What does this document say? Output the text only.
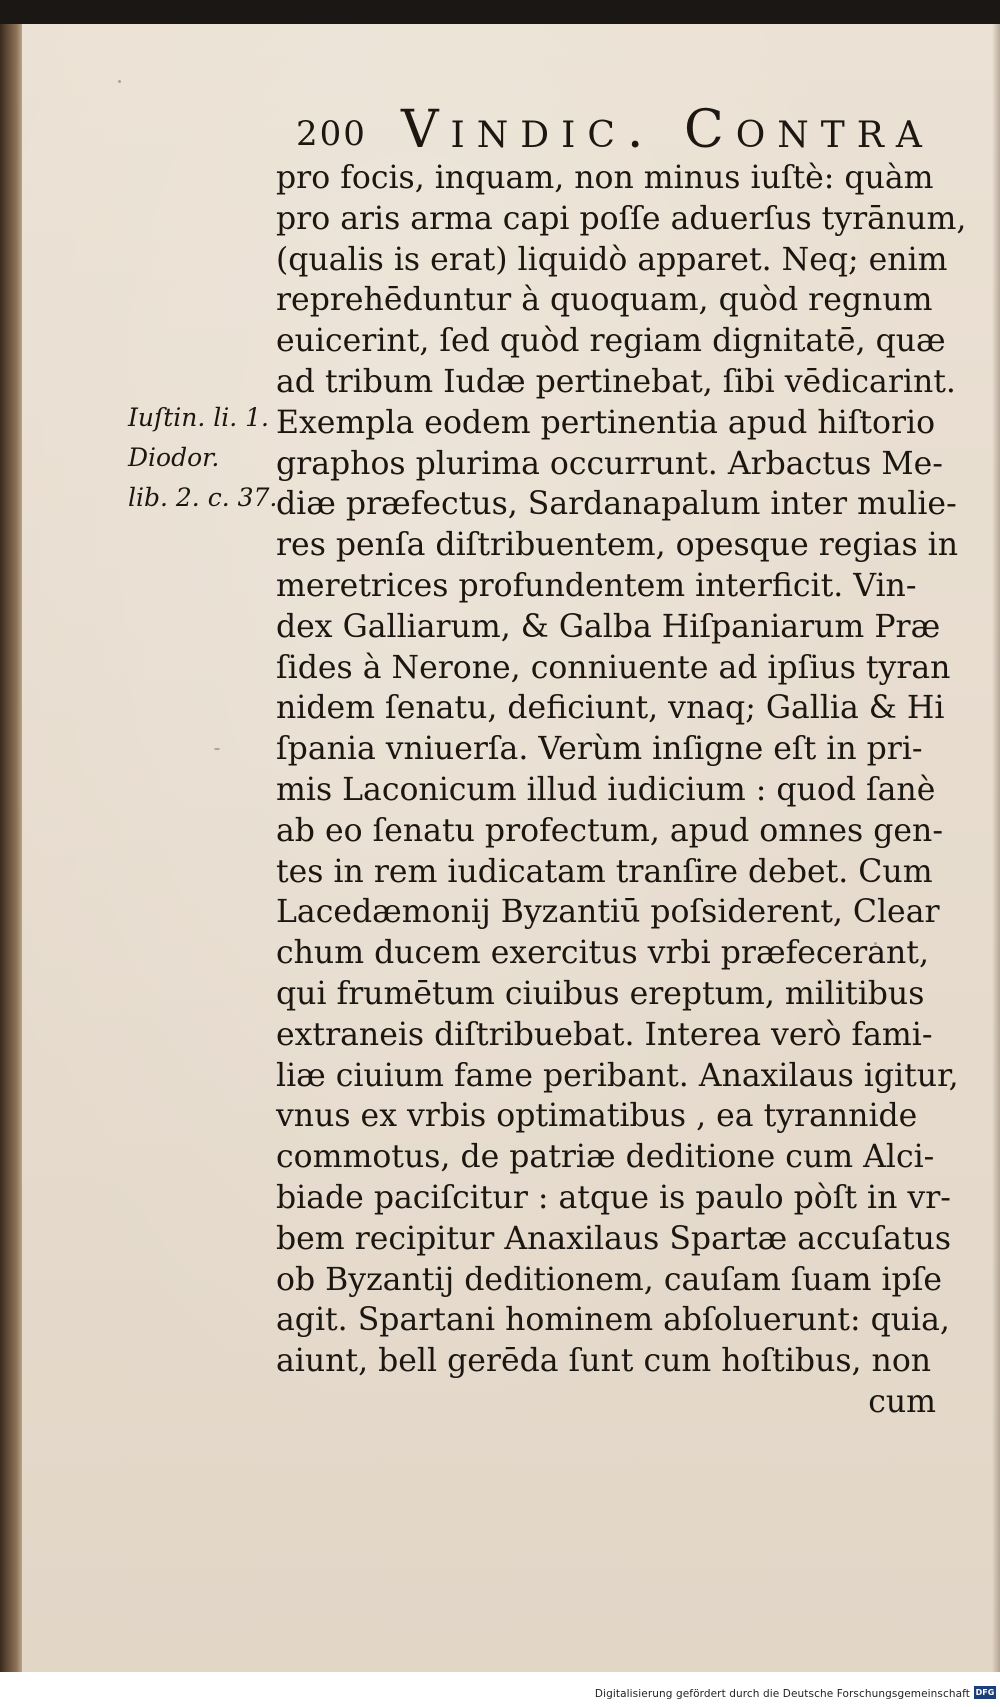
200 Vindic. Contra
Iuſtin. li. 1.
Diodor.
lib. 2. c. 37.
pro focis, inquam, non minus iuſtè: quàm
pro aris arma capi poſſe aduerſus tyrānum,
(qualis is erat) liquidò apparet. Neq; enim
reprehēduntur à quoquam, quòd regnum
euicerint, ſed quòd regiam dignitatē, quæ
ad tribum Iudæ pertinebat, ſibi vēdicarint.
Exempla eodem pertinentia apud hiſtorio
graphos plurima occurrunt. Arbactus Me-
diæ præfectus, Sardanapalum inter mulie-
res penſa diſtribuentem, opesque regias in
meretrices profundentem interficit. Vin-
dex Galliarum, & Galba Hiſpaniarum Præ
ſides à Nerone, conniuente ad ipſius tyran
nidem ſenatu, deficiunt, vnaq; Gallia & Hi
ſpania vniuerſa. Verùm inſigne eſt in pri-
mis Laconicum illud iudicium : quod ſanè
ab eo ſenatu profectum, apud omnes gen-
tes in rem iudicatam tranſire debet. Cum
Lacedæmonij Byzantiū poſsiderent, Clear
chum ducem exercitus vrbi præfecerant,
qui frumētum ciuibus ereptum, militibus
extraneis diſtribuebat. Interea verò fami-
liæ ciuium fame peribant. Anaxilaus igitur,
vnus ex vrbis optimatibus , ea tyrannide
commotus, de patriæ deditione cum Alci-
biade paciſcitur : atque is paulo pòſt in vr-
bem recipitur Anaxilaus Spartæ accuſatus
ob Byzantij deditionem, cauſam ſuam ipſe
agit. Spartani hominem abſoluerunt: quia,
aiunt, bell gerēda ſunt cum hoſtibus, non
cum
Digitalisierung gefördert durch die Deutsche Forschungsgemeinschaft DFG
